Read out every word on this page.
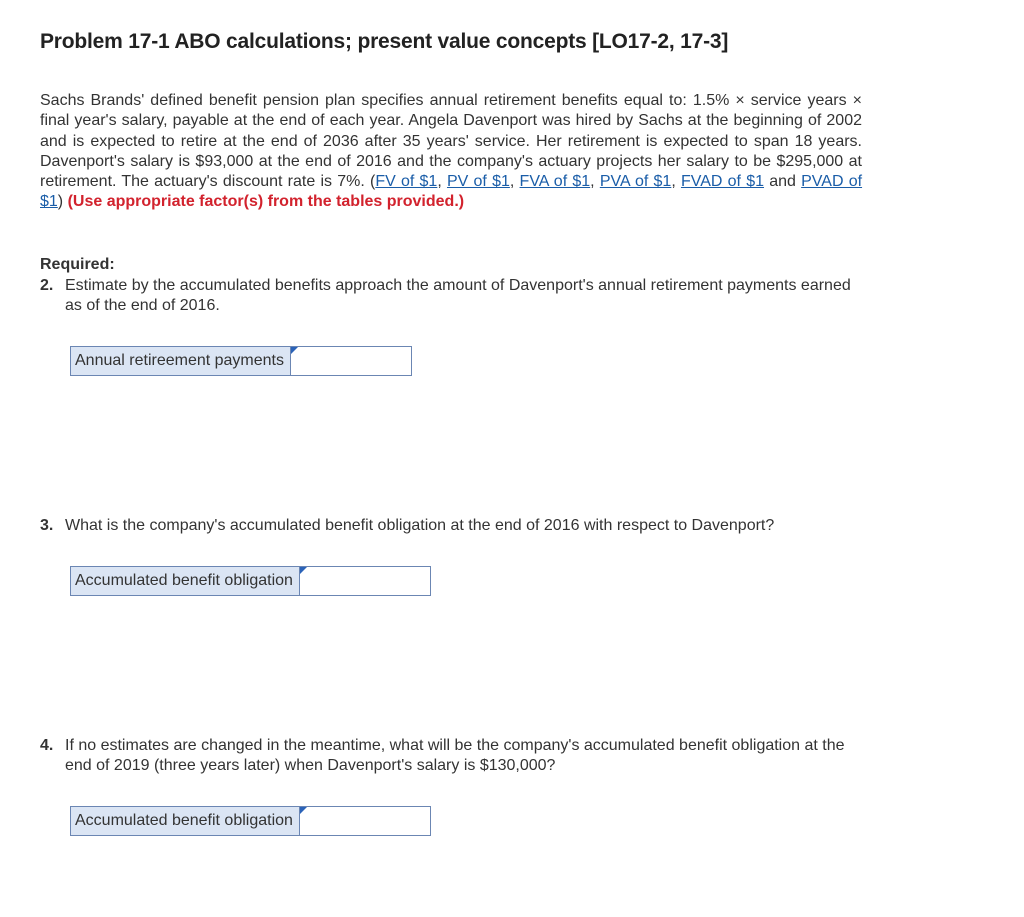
Problem 17-1 ABO calculations; present value concepts [LO17-2, 17-3]

Sachs Brands' defined benefit pension plan specifies annual retirement benefits equal to: 1.5% × service years × final year's salary, payable at the end of each year. Angela Davenport was hired by Sachs at the beginning of 2002 and is expected to retire at the end of 2036 after 35 years' service. Her retirement is expected to span 18 years. Davenport's salary is $93,000 at the end of 2016 and the company's actuary projects her salary to be $295,000 at retirement. The actuary's discount rate is 7%. (FV of $1, PV of $1, FVA of $1, PVA of $1, FVAD of $1 and PVAD of $1) (Use appropriate factor(s) from the tables provided.)

Required:
2. Estimate by the accumulated benefits approach the amount of Davenport's annual retirement payments earned as of the end of 2016.
Annual retireement payments
3. What is the company's accumulated benefit obligation at the end of 2016 with respect to Davenport?
Accumulated benefit obligation
4. If no estimates are changed in the meantime, what will be the company's accumulated benefit obligation at the end of 2019 (three years later) when Davenport's salary is $130,000?
Accumulated benefit obligation
